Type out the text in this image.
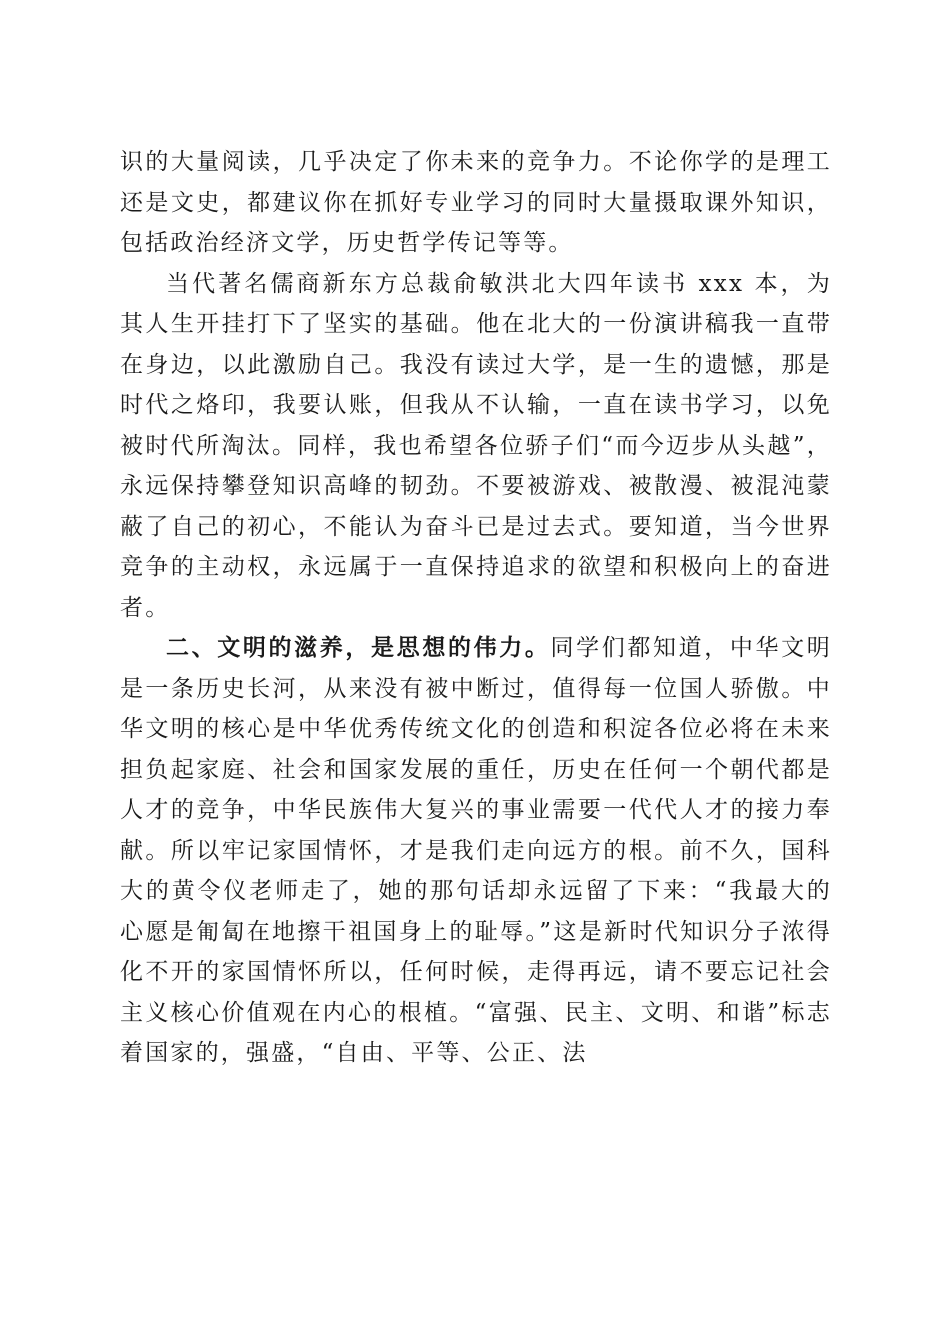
识的大量阅读，几乎决定了你未来的竞争力。不论你学的是理工还是文史，都建议你在抓好专业学习的同时大量摄取课外知识，包括政治经济文学，历史哲学传记等等。

当代著名儒商新东方总裁俞敏洪北大四年读书 xxx 本，为其人生开挂打下了坚实的基础。他在北大的一份演讲稿我一直带在身边，以此激励自己。我没有读过大学，是一生的遗憾，那是时代之烙印，我要认账，但我从不认输，一直在读书学习，以免被时代所淘汰。同样，我也希望各位骄子们“而今迈步从头越”，永远保持攀登知识高峰的韧劲。不要被游戏、被散漫、被混沌蒙蔽了自己的初心，不能认为奋斗已是过去式。要知道，当今世界竞争的主动权，永远属于一直保持追求的欲望和积极向上的奋进者。

二、文明的滋养，是思想的伟力。同学们都知道，中华文明是一条历史长河，从来没有被中断过，值得每一位国人骄傲。中华文明的核心是中华优秀传统文化的创造和积淀各位必将在未来担负起家庭、社会和国家发展的重任，历史在任何一个朝代都是人才的竞争，中华民族伟大复兴的事业需要一代代人才的接力奉献。所以牢记家国情怀，才是我们走向远方的根。前不久，国科大的黄令仪老师走了，她的那句话却永远留了下来：“我最大的心愿是匍匐在地擦干祖国身上的耻辱。”这是新时代知识分子浓得化不开的家国情怀所以，任何时候，走得再远，请不要忘记社会主义核心价值观在内心的根植。“富强、民主、文明、和谐”标志着国家的，强盛，“自由、平等、公正、法
